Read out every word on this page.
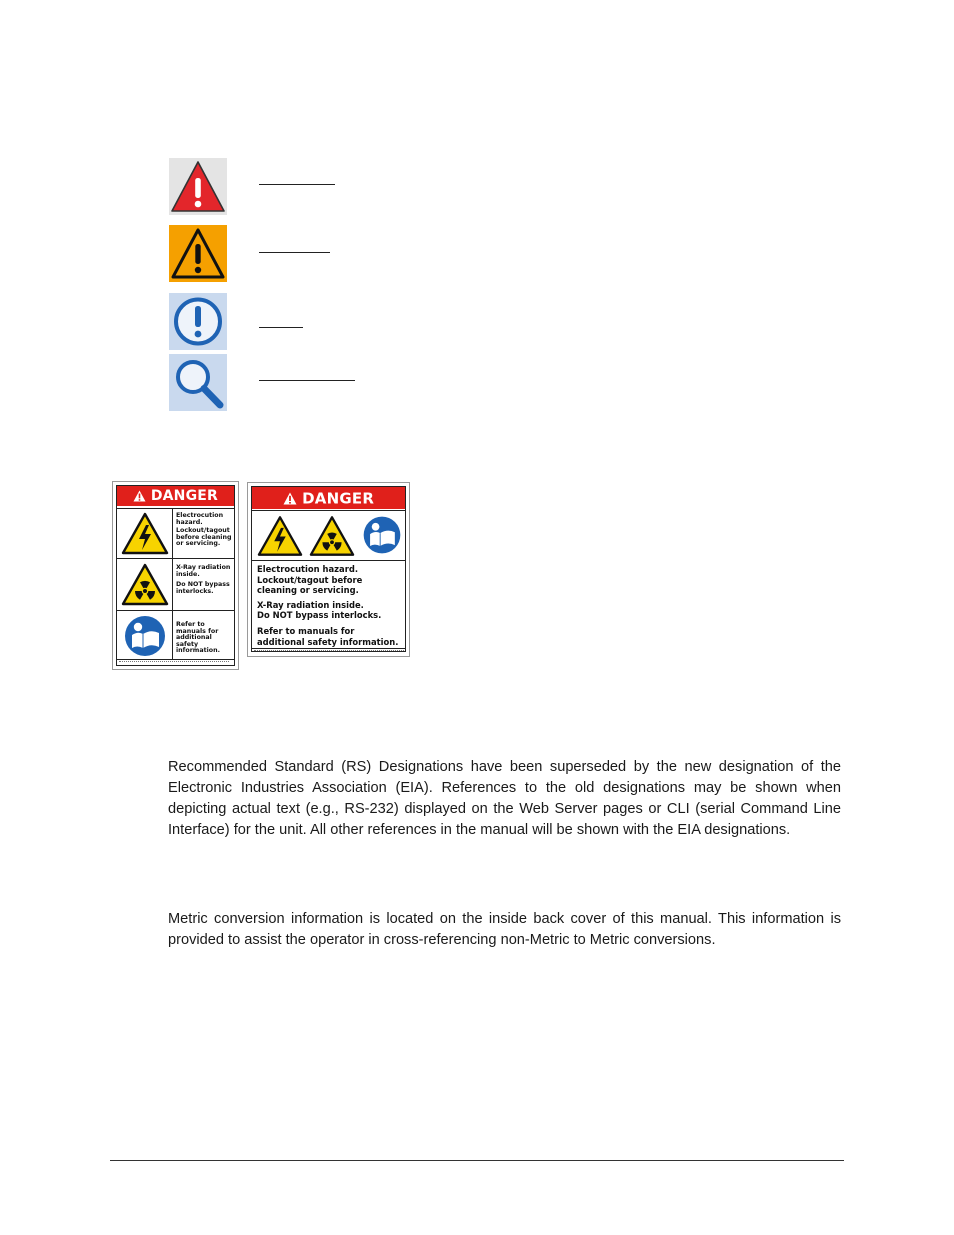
DANGER
Electrocution
hazard.
Lockout/tagout
before cleaning
or servicing.
X-Ray radiation
inside.
Do NOT bypass
interlocks.
Refer to
manuals for
additional safety
information.
DANGER
Electrocution hazard.
Lockout/tagout before
cleaning or servicing.
X-Ray radiation inside.
Do NOT bypass interlocks.
Refer to manuals for
additional safety information.

Recommended Standard (RS) Designations have been superseded by the new designation of the Electronic Industries Association (EIA). References to the old designations may be shown when depicting actual text (e.g., RS-232) displayed on the Web Server pages or CLI (serial Command Line Interface) for the unit. All other references in the manual will be shown with the EIA designations.

Metric conversion information is located on the inside back cover of this manual. This information is provided to assist the operator in cross-referencing non-Metric to Metric conversions.
